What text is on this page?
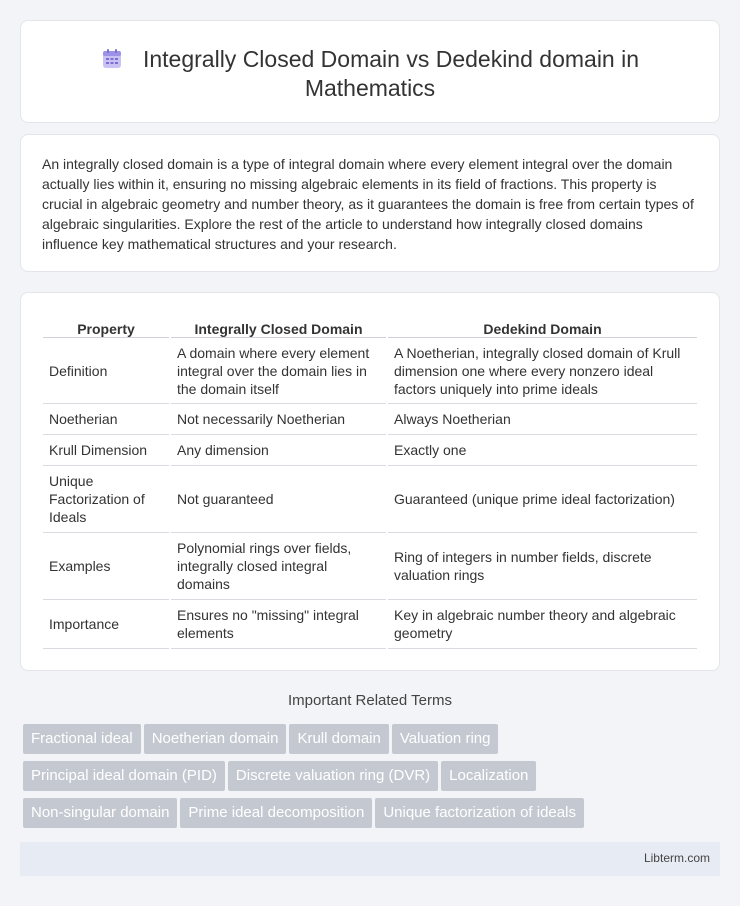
Integrally Closed Domain vs Dedekind domain in
Mathematics

An integrally closed domain is a type of integral domain where every element integral over the domain actually lies within it, ensuring no missing algebraic elements in its field of fractions. This property is crucial in algebraic geometry and number theory, as it guarantees the domain is free from certain types of algebraic singularities. Explore the rest of the article to understand how integrally closed domains influence key mathematical structures and your research.

Property	Integrally Closed Domain	Dedekind Domain
Definition	A domain where every element integral over the domain lies in the domain itself	A Noetherian, integrally closed domain of Krull dimension one where every nonzero ideal factors uniquely into prime ideals
Noetherian	Not necessarily Noetherian	Always Noetherian
Krull Dimension	Any dimension	Exactly one
Unique Factorization of Ideals	Not guaranteed	Guaranteed (unique prime ideal factorization)
Examples	Polynomial rings over fields, integrally closed integral domains	Ring of integers in number fields, discrete valuation rings
Importance	Ensures no "missing" integral elements	Key in algebraic number theory and algebraic geometry
Important Related Terms
Fractional ideal Noetherian domain Krull domain Valuation ring
Principal ideal domain (PID) Discrete valuation ring (DVR) Localization
Non-singular domain Prime ideal decomposition Unique factorization of ideals
Libterm.com
